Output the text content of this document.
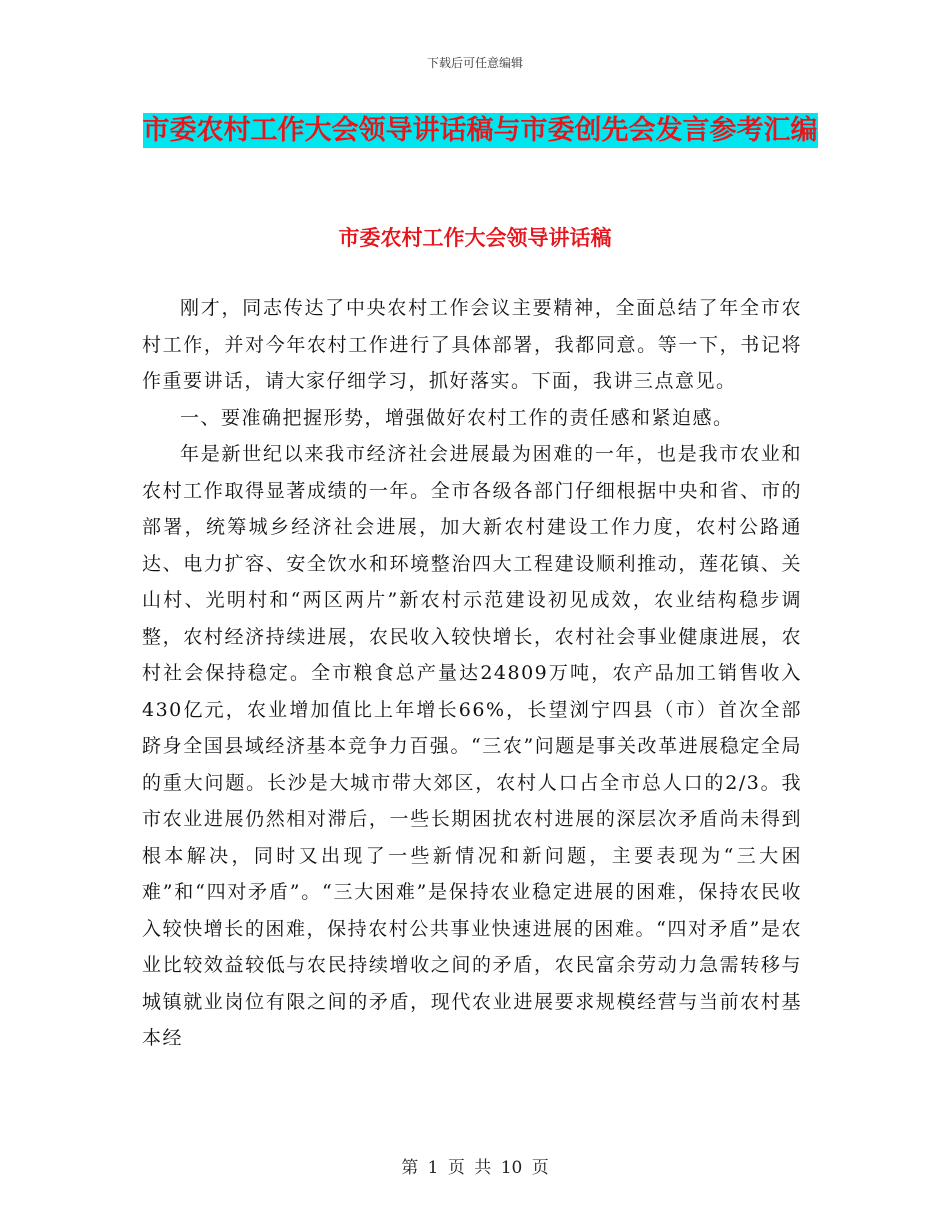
下载后可任意编辑
市委农村工作大会领导讲话稿与市委创先会发言参考汇编
市委农村工作大会领导讲话稿

刚才，同志传达了中央农村工作会议主要精神，全面总结了年全市农村工作，并对今年农村工作进行了具体部署，我都同意。等一下，书记将作重要讲话，请大家仔细学习，抓好落实。下面，我讲三点意见。

一、要准确把握形势，增强做好农村工作的责任感和紧迫感。

年是新世纪以来我市经济社会进展最为困难的一年，也是我市农业和农村工作取得显著成绩的一年。全市各级各部门仔细根据中央和省、市的部署，统筹城乡经济社会进展，加大新农村建设工作力度，农村公路通达、电力扩容、安全饮水和环境整治四大工程建设顺利推动，莲花镇、关山村、光明村和“两区两片”新农村示范建设初见成效，农业结构稳步调整，农村经济持续进展，农民收入较快增长，农村社会事业健康进展，农村社会保持稳定。全市粮食总产量达24809万吨，农产品加工销售收入430亿元，农业增加值比上年增长66%，长望浏宁四县（市）首次全部跻身全国县域经济基本竞争力百强。“三农”问题是事关改革进展稳定全局的重大问题。长沙是大城市带大郊区，农村人口占全市总人口的2/3。我市农业进展仍然相对滞后，一些长期困扰农村进展的深层次矛盾尚未得到根本解决，同时又出现了一些新情况和新问题，主要表现为“三大困难”和“四对矛盾”。“三大困难”是保持农业稳定进展的困难，保持农民收入较快增长的困难，保持农村公共事业快速进展的困难。“四对矛盾”是农业比较效益较低与农民持续增收之间的矛盾，农民富余劳动力急需转移与城镇就业岗位有限之间的矛盾，现代农业进展要求规模经营与当前农村基本经

第 1 页 共 10 页
